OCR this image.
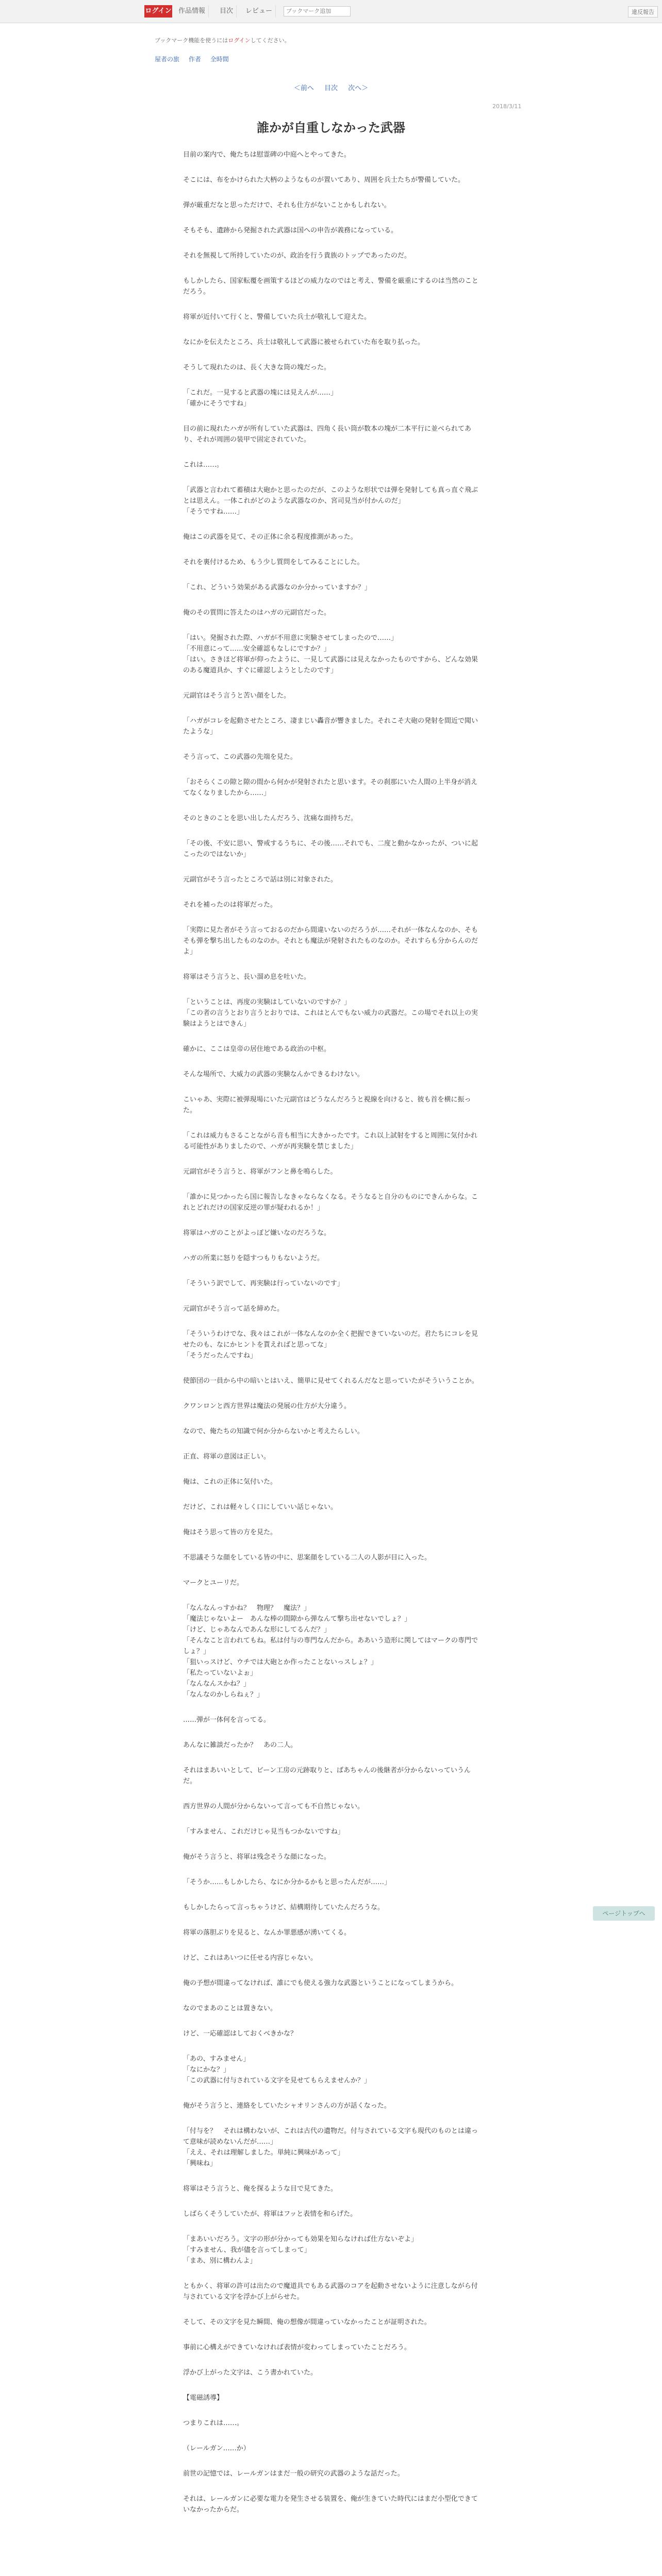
ログイン	作品情報	目次	レビュー
ブックマーク追加	違反報告
ブックマーク機能を使うにはログインしてください。
屋者の旅 作者 全時間
＜前へ 目次 次へ＞
2018/3/11
誰かが自重しなかった武器

目前の案内で、俺たちは慰霊碑の中庭へとやってきた。

そこには、布をかけられた大柄のようなものが置いてあり、周囲を兵士たちが警備していた。

弾が厳重だなと思っただけで、それも仕方がないことかもしれない。

そもそも、遺跡から発掘された武器は国への申告が義務になっている。

それを無視して所持していたのが、政治を行う貴族のトップであったのだ。

もしかしたら、国家転覆を画策するほどの威力なのではと考え、警備を厳重にするのは当然のことだろう。

将軍が近付いて行くと、警備していた兵士が敬礼して迎えた。

なにかを伝えたところ、兵士は敬礼して武器に被せられていた布を取り払った。

そうして現れたのは、長く大きな筒の塊だった。

「これだ。一見すると武器の塊には見えんが……」
「確かにそうですね」

目の前に現れたハガが所有していた武器は、四角く長い筒が数本の塊が二本平行に並べられてあり、それが周囲の装甲で固定されていた。

これは……。

「武器と言われて蓄積は大砲かと思ったのだが、このような形状では弾を発射しても真っ直ぐ飛ぶとは思えん。一体これがどのような武器なのか、宮司見当が付かんのだ」
「そうですね……」

俺はこの武器を見て、その正体に余る程度推測があった。

それを裏付けるため、もう少し質問をしてみることにした。

「これ、どういう効果がある武器なのか分かっていますか？」

俺のその質問に答えたのはハガの元副官だった。

「はい。発掘された際、ハガが不用意に実験させてしまったので……」
「不用意にって……安全確認もなしにですか？」
「はい。さきほど将軍が仰ったように、一見して武器には見えなかったものですから、どんな効果のある魔道具か、すぐに確認しようとしたのです」

元副官はそう言うと苦い顔をした。

「ハガがコレを起動させたところ、凄まじい轟音が響きました。それこそ大砲の発射を間近で聞いたような」

そう言って、この武器の先端を見た。

「おそらくこの隙と隙の間から何かが発射されたと思います。その刹那にいた人間の上半身が消えてなくなりましたから……」

そのときのことを思い出したんだろう、沈痛な面持ちだ。

「その後、不安に思い、警戒するうちに、その後……それでも、二度と動かなかったが、ついに起こったのではないか」

元副官がそう言ったところで話は別に対象された。

それを補ったのは将軍だった。

「実際に見た者がそう言っておるのだから間違いないのだろうが……それが一体なんなのか、そもそも弾を撃ち出したものなのか。それとも魔法が発射されたものなのか。それすらも分からんのだよ」

将軍はそう言うと、長い溜め息を吐いた。

「ということは、再度の実験はしていないのですか？」
「この者の言うとおり言うとおりでは、これはとんでもない威力の武器だ。この場でそれ以上の実験はようとはできん」

確かに、ここは皇帝の居住地である政治の中枢。

そんな場所で、大威力の武器の実験なんかできるわけない。

こいゃあ、実際に被弾現場にいた元副官はどうなんだろうと視線を向けると、彼も首を横に振った。

「これは威力もさることながら音も相当に大きかったです。これ以上試射をすると周囲に気付かれる可能性がありましたので、ハガが再実験を禁じました」

元副官がそう言うと、将軍がフンと鼻を鳴らした。

「誰かに見つかったら国に報告しなきゃならなくなる。そうなると自分のものにできんからな。これとどれだけの国家反逆の罪が疑われるか！」

将軍はハガのことがよっぽど嫌いなのだろうな。

ハガの所業に怒りを隠すつもりもないようだ。

「そういう訳でして、再実験は行っていないのです」

元副官がそう言って話を締めた。

「そういうわけでな、我々はこれが一体なんなのか全く把握できていないのだ。君たちにコレを見せたのも、なにかヒントを貰えればと思ってな」
「そうだったんですね」

使節団の一員から中の暗いとはいえ、簡単に見せてくれるんだなと思っていたがそういうことか。

クワンロンと西方世界は魔法の発展の仕方が大分違う。

なので、俺たちの知識で何か分からないかと考えたらしい。

正直、将軍の意図は正しい。

俺は、これの正体に気付いた。

だけど、これは軽々しく口にしていい話じゃない。

俺はそう思って皆の方を見た。

不思議そうな顔をしている皆の中に、思案顔をしている二人の人影が目に入った。

マークとユーリだ。

「なんなんっすかね？　物理？　魔法？」
「魔法じゃないよー　あんな棒の間隙から弾なんて撃ち出せないでしょ？」
「けど、じゃあなんであんな形にしてるんだ？」
「そんなこと言われてもね。私は付与の専門なんだから。ああいう造形に関してはマークの専門でしょ？」
「狙いっスけど、ウチでは大砲とか作ったことないっスしょ？」
「私たっていないよぉ」
「なんなんスかね？」
「なんなのかしらねぇ？」

……弾が一体何を言ってる。

あんなに雑談だったか？　あの二人。

それはまあいいとして、ビーン工房の元跡取りと、ばあちゃんの後継者が分からないっていうんだ。

西方世界の人間が分からないって言っても不自然じゃない。

「すみません、これだけじゃ見当もつかないですね」

俺がそう言うと、将軍は残念そうな顔になった。

「そうか……もしかしたら、なにか分かるかもと思ったんだが……」

もしかしたらって言っちゃうけど、結構期待していたんだろうな。

将軍の落胆ぶりを見ると、なんか罪悪感が湧いてくる。

けど、これはあいつに任せる内容じゃない。

俺の予想が間違ってなければ、誰にでも使える強力な武器ということになってしまうから。

なのでまあのことは置きない。

けど、一応確認はしておくべきかな？

「あの、すみません」
「なにかな？」
「この武器に付与されている文字を見せてもらえませんか？」

俺がそう言うと、連絡をしていたシャオリンさんの方が話くなった。

「付与を？　それは構わないが、これは古代の遺物だ。付与されている文字も現代のものとは違って意味が読めないんだが……」
「ええ、それは理解しました。単純に興味があって」
「興味ね」

将軍はそう言うと、俺を探るような目で見てきた。

しばらくそうしていたが、将軍はフッと表情を和らげた。

「まあいいだろう。文字の形が分かっても効果を知らなければ仕方ないぞよ」
「すみません、我が儘を言ってしまって」
「まあ、別に構わんよ」

ともかく、将軍の許可は出たので魔道具でもある武器のコアを起動させないように注意しながら付与されている文字を浮かび上がらせた。

そして、その文字を見た瞬間、俺の想像が間違っていなかったことが証明された。

事前に心構えができていなければ表情が変わってしまっていたことだろう。

浮かび上がった文字は、こう書かれていた。

【電磁誘導】

つまりこれは……。

（レールガン……か）

前世の記憶では、レールガンはまだ一般の研究の武器のような話だった。

それは、レールガンに必要な電力を発生させる装置を、俺が生きていた時代にはまだ小型化できていなかったからだ。

ページトップへ
